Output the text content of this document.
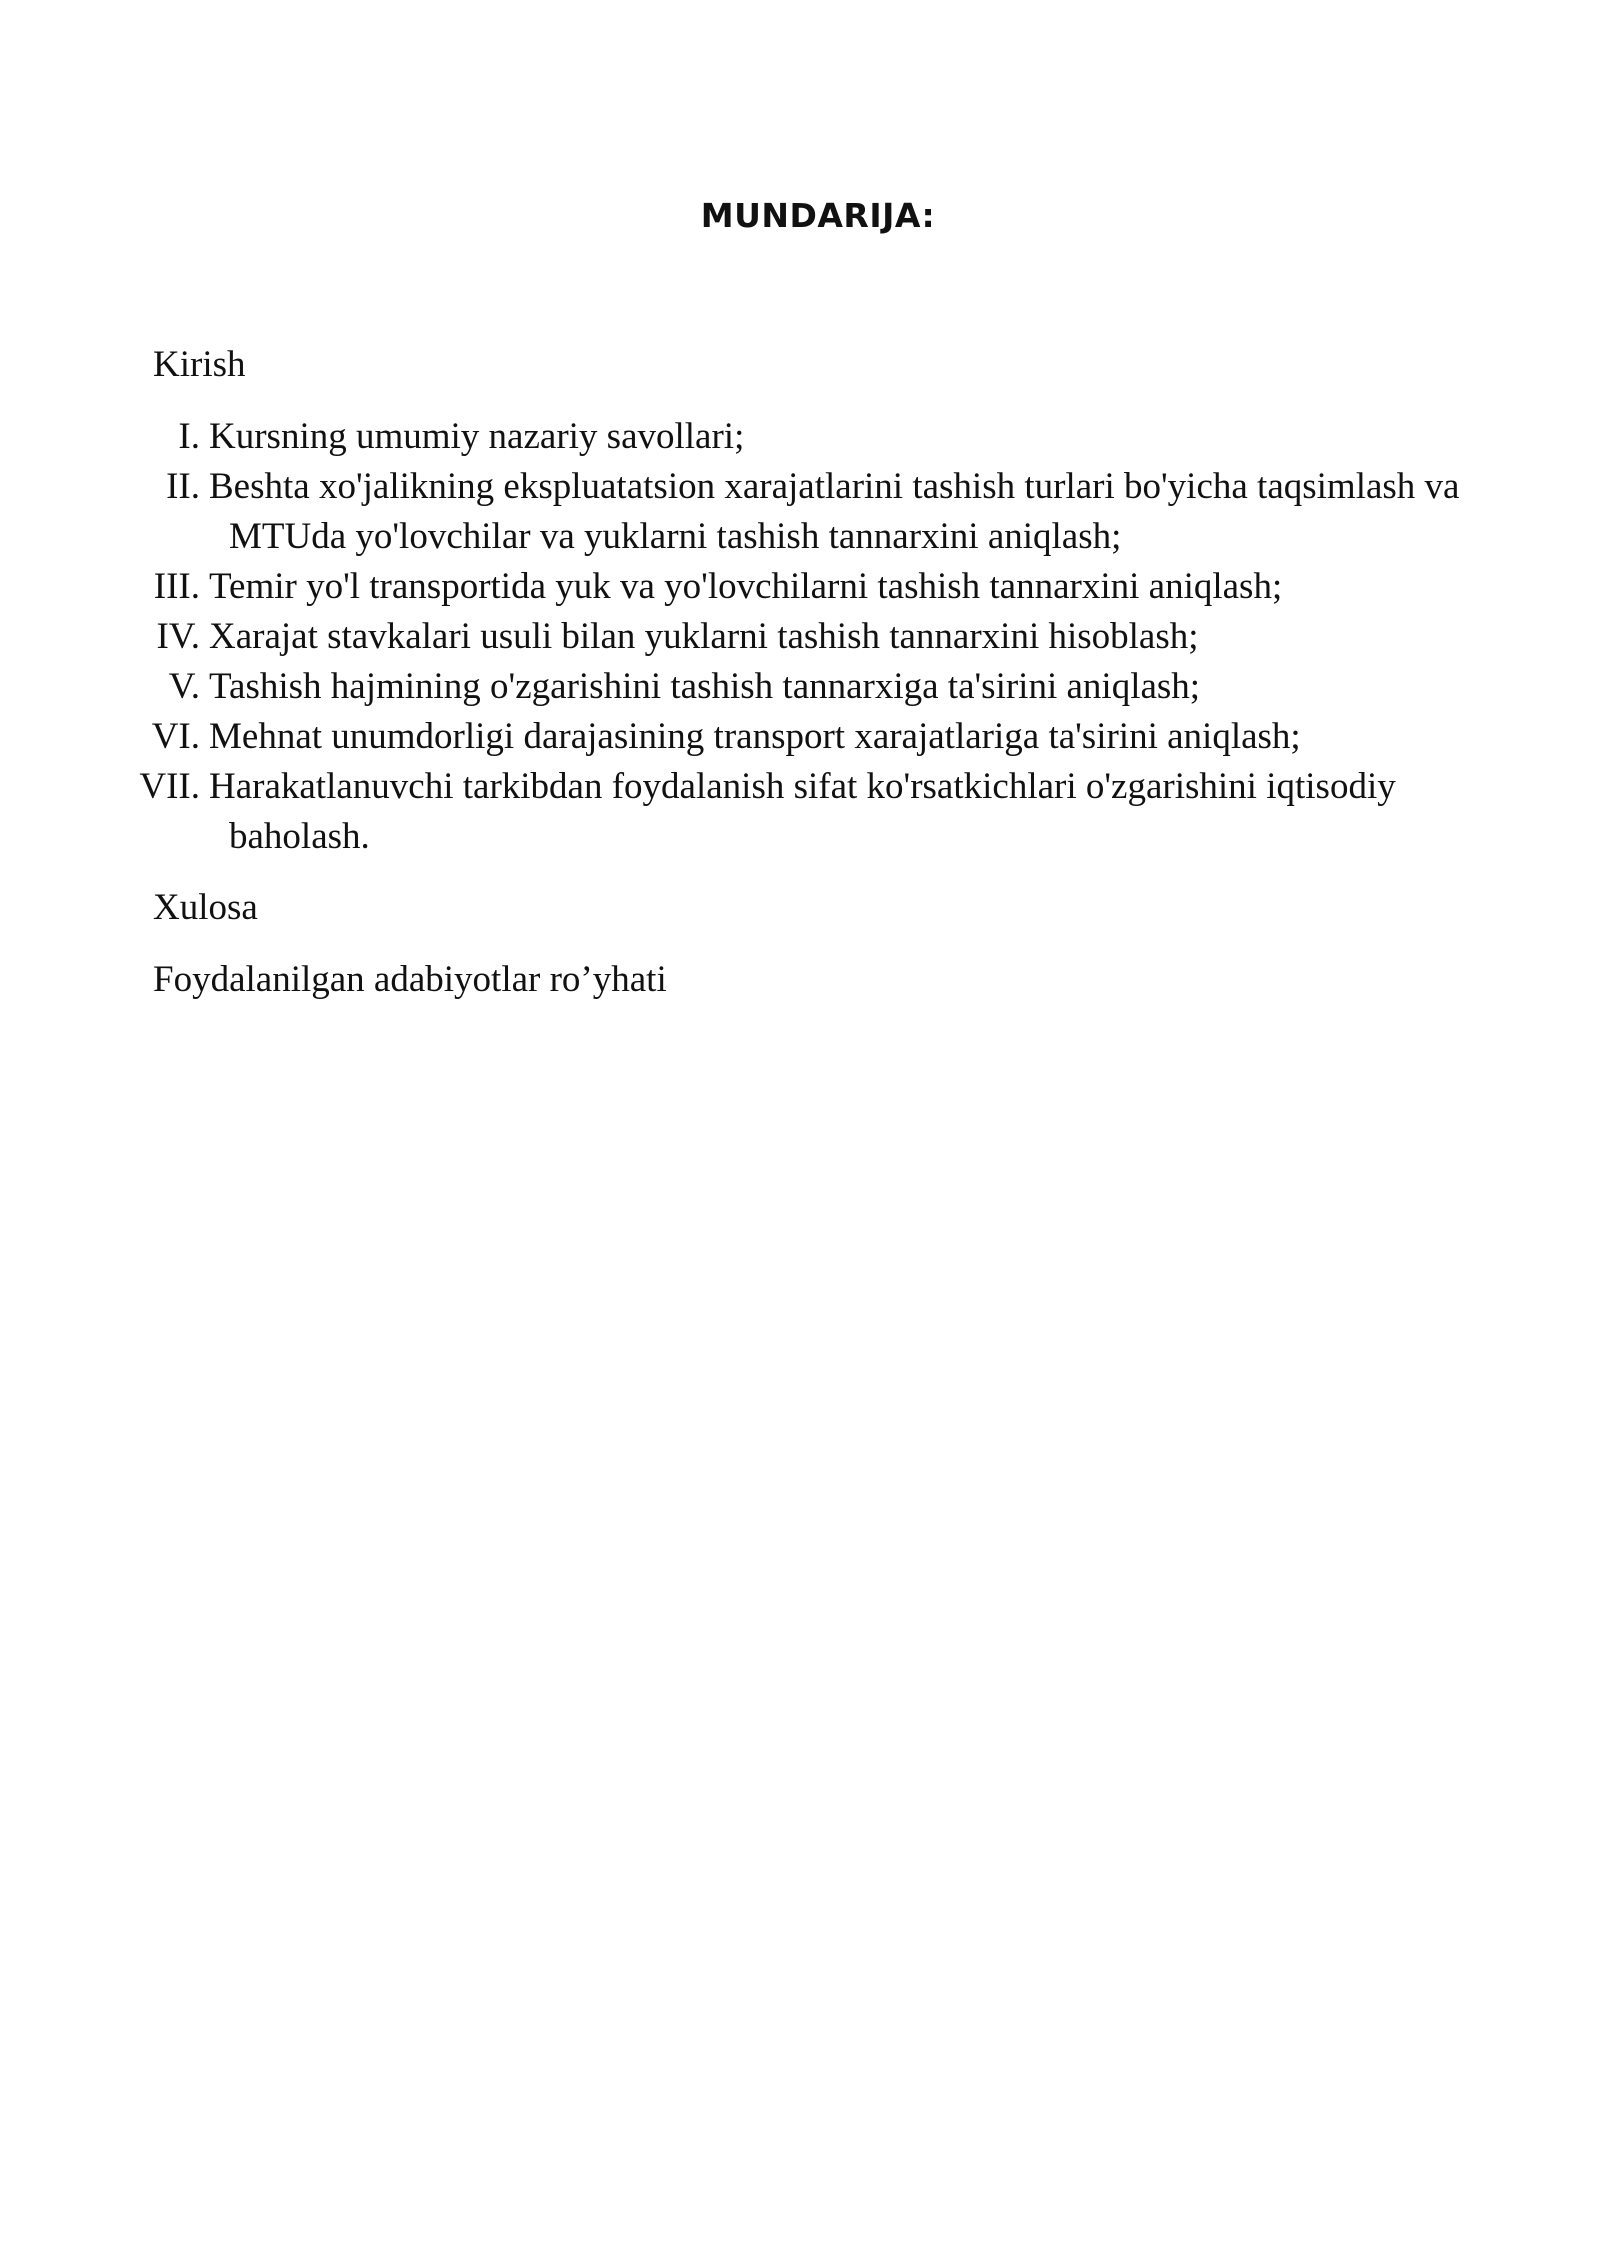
MUNDARIJA:
Kirish
I. Kursning umumiy nazariy savollari;
II. Beshta xo'jalikning ekspluatatsion xarajatlarini tashish turlari bo'yicha taqsimlash va MTUda yo'lovchilar va yuklarni tashish tannarxini aniqlash;
III. Temir yo'l transportida yuk va yo'lovchilarni tashish tannarxini aniqlash;
IV. Xarajat stavkalari usuli bilan yuklarni tashish tannarxini hisoblash;
V. Tashish hajmining o'zgarishini tashish tannarxiga ta'sirini aniqlash;
VI. Mehnat unumdorligi darajasining transport xarajatlariga ta'sirini aniqlash;
VII. Harakatlanuvchi tarkibdan foydalanish sifat ko'rsatkichlari o'zgarishini iqtisodiy baholash.
Xulosa
Foydalanilgan adabiyotlar ro’yhati
